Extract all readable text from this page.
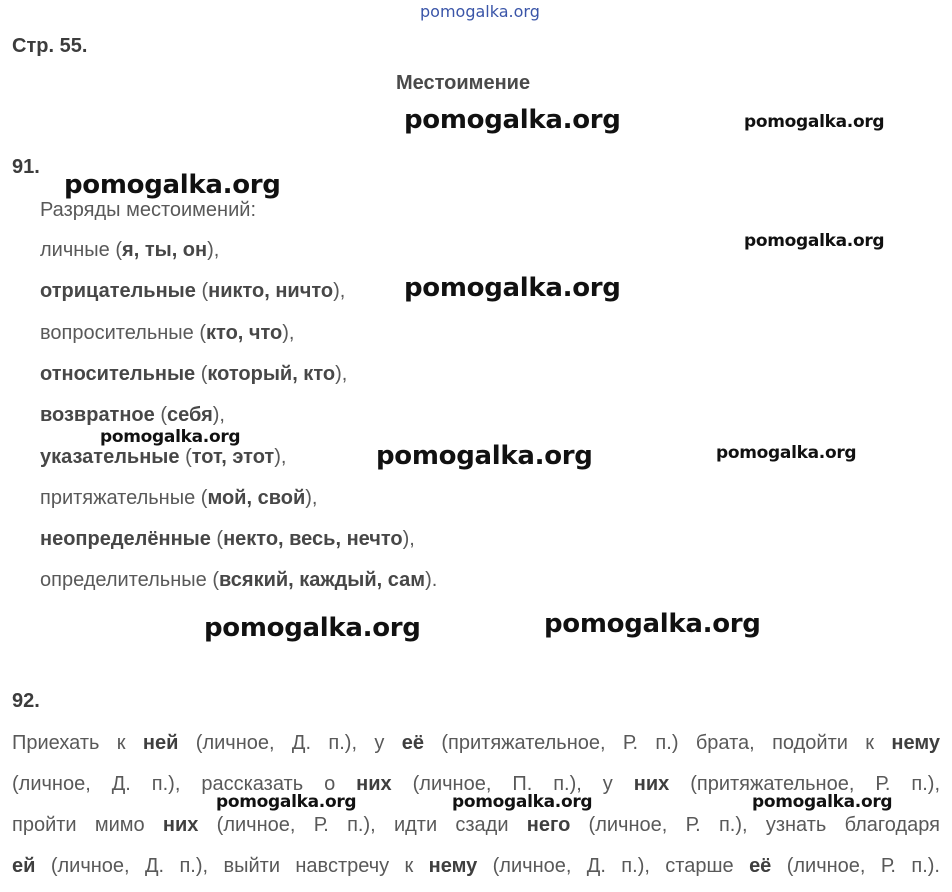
pomogalka.org
Стр. 55.
Местоимение
91.
Разряды местоимений:
личные (я, ты, он),
отрицательные (никто, ничто),
вопросительные (кто, что),
относительные (который, кто),
возвратное (себя),
указательные (тот, этот),
притяжательные (мой, свой),
неопределённые (некто, весь, нечто),
определительные (всякий, каждый, сам).
92.
Приехать к ней (личное, Д. п.), у её (притяжательное, Р. п.) брата, подойти к нему
(личное, Д. п.), рассказать о них (личное, П. п.), у них (притяжательное, Р. п.),
пройти мимо них (личное, Р. п.), идти сзади него (личное, Р. п.), узнать благодаря
ей (личное, Д. п.), выйти навстречу к нему (личное, Д. п.), старше её (личное, Р. п.).
pomogalka.org	pomogalka.org
pomogalka.org
pomogalka.org
pomogalka.org
pomogalka.org
pomogalka.org	pomogalka.org
pomogalka.org	pomogalka.org
pomogalka.org	pomogalka.org	pomogalka.org
